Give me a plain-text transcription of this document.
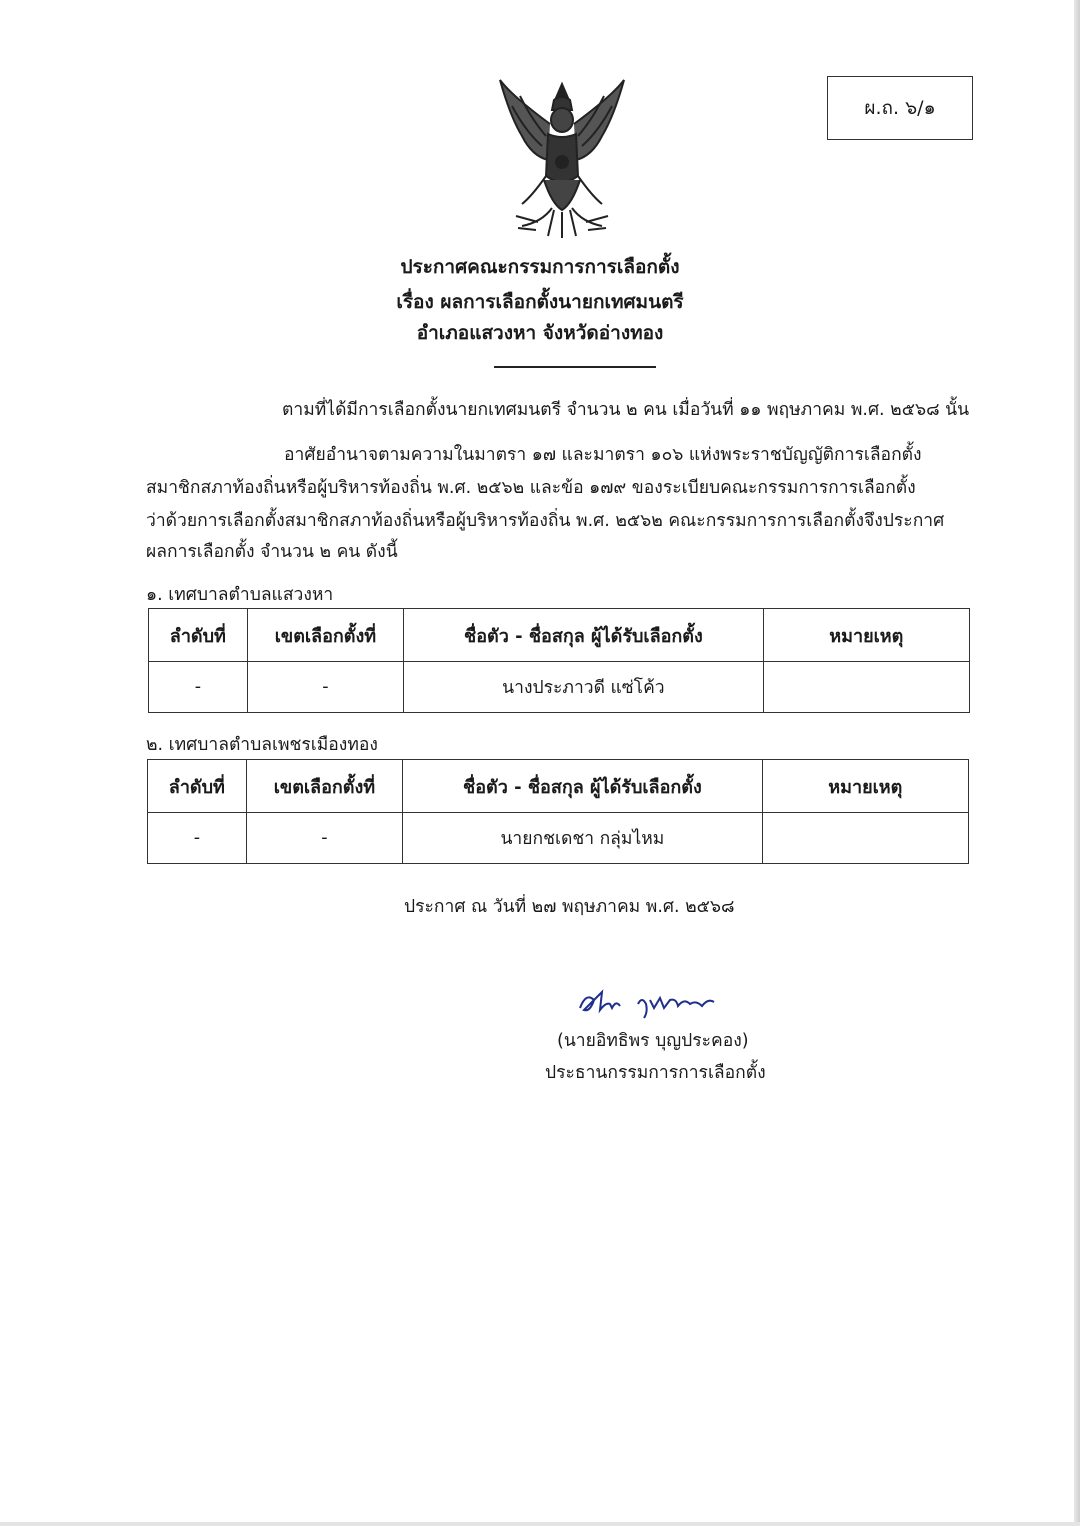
ผ.ถ. ๖/๑
ประกาศคณะกรรมการการเลือกตั้ง
เรื่อง ผลการเลือกตั้งนายกเทศมนตรี
อำเภอแสวงหา จังหวัดอ่างทอง
ตามที่ได้มีการเลือกตั้งนายกเทศมนตรี จำนวน ๒ คน เมื่อวันที่ ๑๑ พฤษภาคม พ.ศ. ๒๕๖๘ นั้น
อาศัยอำนาจตามความในมาตรา ๑๗ และมาตรา ๑๐๖ แห่งพระราชบัญญัติการเลือกตั้ง
สมาชิกสภาท้องถิ่นหรือผู้บริหารท้องถิ่น พ.ศ. ๒๕๖๒ และข้อ ๑๗๙ ของระเบียบคณะกรรมการการเลือกตั้ง
ว่าด้วยการเลือกตั้งสมาชิกสภาท้องถิ่นหรือผู้บริหารท้องถิ่น พ.ศ. ๒๕๖๒ คณะกรรมการการเลือกตั้งจึงประกาศ
ผลการเลือกตั้ง จำนวน ๒ คน ดังนี้
๑. เทศบาลตำบลแสวงหา
ลำดับที่	เขตเลือกตั้งที่	ชื่อตัว - ชื่อสกุล ผู้ได้รับเลือกตั้ง	หมายเหตุ
-	-	นางประภาวดี แซ่โค้ว	
๒. เทศบาลตำบลเพชรเมืองทอง
ลำดับที่	เขตเลือกตั้งที่	ชื่อตัว - ชื่อสกุล ผู้ได้รับเลือกตั้ง	หมายเหตุ
-	-	นายกชเดชา กลุ่มไหม	
ประกาศ ณ วันที่ ๒๗ พฤษภาคม พ.ศ. ๒๕๖๘
(นายอิทธิพร บุญประคอง)
ประธานกรรมการการเลือกตั้ง
